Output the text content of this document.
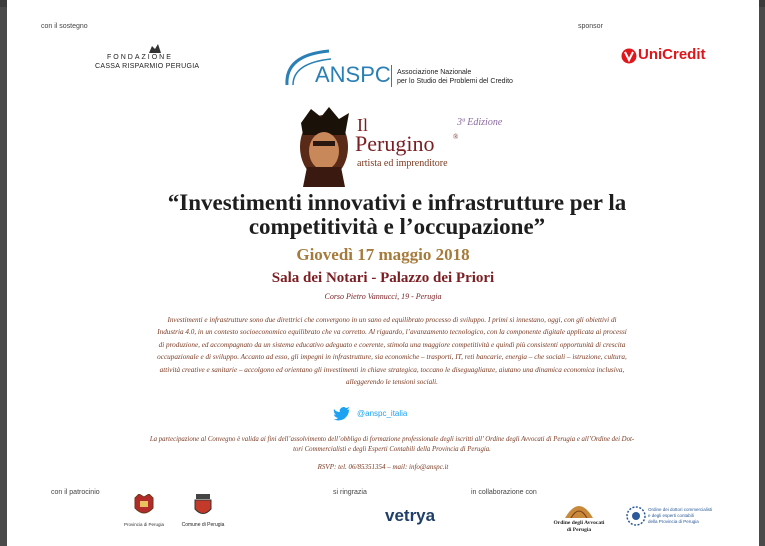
con il sostegno	sponsor
FONDAZIONE
CASSA RISPARMIO PERUGIA	ANSPC Associazione Nazionale
per lo Studio dei Problemi del Credito
UniCredit
Il
Perugino	®
artista ed imprenditore
3ª Edizione
“Investimenti innovativi e infrastrutture per la
competitività e l’occupazione”
Giovedì 17 maggio 2018
Sala dei Notari - Palazzo dei Priori
Corso Pietro Vannucci, 19 - Perugia
Investimenti e infrastrutture sono due direttrici che convergono in un sano ed equilibrato processo di sviluppo. I primi si innestano, oggi, con gli obiettivi di
Industria 4.0, in un contesto socioeconomico equilibrato che va corretto. Al riguardo, l’avanzamento tecnologico, con la componente digitale applicata ai processi
di produzione, ed accompagnato da un sistema educativo adeguato e coerente, stimola una maggiore competitività e quindi più consistenti opportunità di crescita
occupazionale e di sviluppo. Accanto ad esso, gli impegni in infrastrutture, sia economiche – trasporti, IT, reti bancarie, energia – che sociali – istruzione, cultura,
attività creative e sanitarie – accolgono ed orientano gli investimenti in chiave strategica, toccano le diseguaglianze, aiutano una dinamica economica inclusiva,
alleggerendo le tensioni sociali.
@anspc_italia
La partecipazione al Convegno è valida ai fini dell’assolvimento dell’obbligo di formazione professionale degli iscritti all’ Ordine degli Avvocati di Perugia e all’Ordine dei Dot-
tori Commercialisti e degli Esperti Contabili della Provincia di Perugia.
RSVP: tel. 06/85351354 – mail: info@anspc.it
con il patrocinio	si ringrazia	in collaborazione con
Provincia di Perugia	Comune di Perugia	vetrya	Ordine degli Avvocati
di Perugia
Ordine dei dottori commercialisti
e degli esperti contabili
della Provincia di Perugia
